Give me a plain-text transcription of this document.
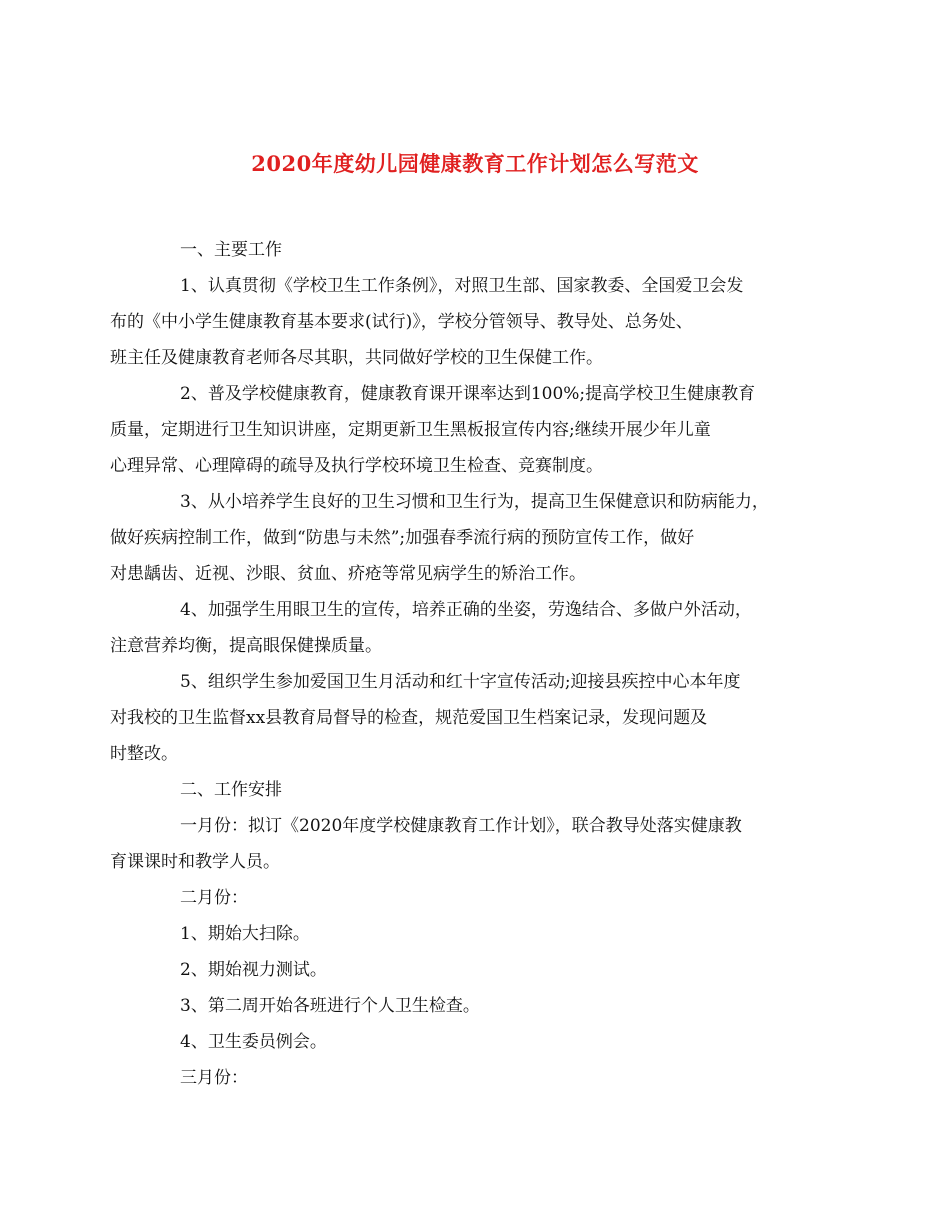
2020年度幼儿园健康教育工作计划怎么写范文

一、主要工作

1、认真贯彻《学校卫生工作条例》，对照卫生部、国家教委、全国爱卫会发
布的《中小学生健康教育基本要求(试行)》，学校分管领导、教导处、总务处、
班主任及健康教育老师各尽其职，共同做好学校的卫生保健工作。

2、普及学校健康教育，健康教育课开课率达到100%;提高学校卫生健康教育
质量，定期进行卫生知识讲座，定期更新卫生黑板报宣传内容;继续开展少年儿童
心理异常、心理障碍的疏导及执行学校环境卫生检查、竞赛制度。

3、从小培养学生良好的卫生习惯和卫生行为，提高卫生保健意识和防病能力，
做好疾病控制工作，做到“防患与未然”;加强春季流行病的预防宣传工作，做好
对患龋齿、近视、沙眼、贫血、疥疮等常见病学生的矫治工作。

4、加强学生用眼卫生的宣传，培养正确的坐姿，劳逸结合、多做户外活动，
注意营养均衡，提高眼保健操质量。

5、组织学生参加爱国卫生月活动和红十字宣传活动;迎接县疾控中心本年度
对我校的卫生监督xx县教育局督导的检查，规范爱国卫生档案记录，发现问题及
时整改。

二、工作安排

一月份：拟订《2020年度学校健康教育工作计划》，联合教导处落实健康教
育课课时和教学人员。

二月份：

1、期始大扫除。

2、期始视力测试。

3、第二周开始各班进行个人卫生检查。

4、卫生委员例会。

三月份：
